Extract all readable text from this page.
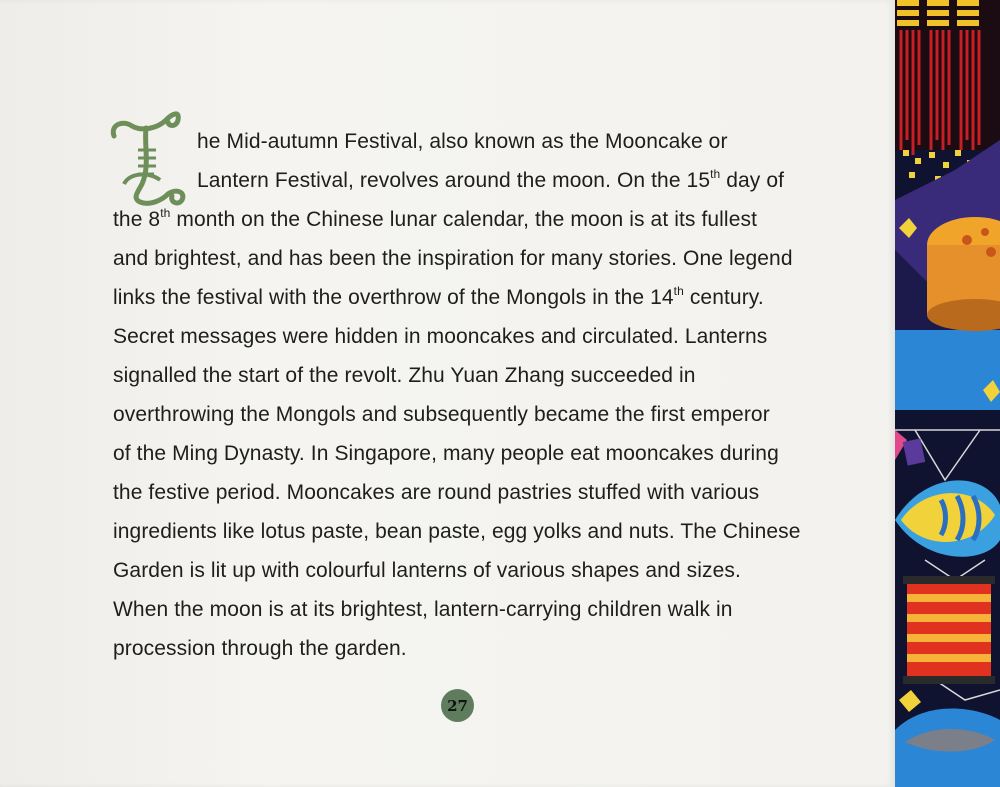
he Mid-autumn Festival, also known as the Mooncake or
Lantern Festival, revolves around the moon. On the 15th day of
the 8th month on the Chinese lunar calendar, the moon is at its fullest
and brightest, and has been the inspiration for many stories. One legend
links the festival with the overthrow of the Mongols in the 14th century.
Secret messages were hidden in mooncakes and circulated. Lanterns
signalled the start of the revolt. Zhu Yuan Zhang succeeded in
overthrowing the Mongols and subsequently became the first emperor
of the Ming Dynasty. In Singapore, many people eat mooncakes during
the festive period. Mooncakes are round pastries stuffed with various
ingredients like lotus paste, bean paste, egg yolks and nuts. The Chinese
Garden is lit up with colourful lanterns of various shapes and sizes.
When the moon is at its brightest, lantern-carrying children walk in
procession through the garden.
27
